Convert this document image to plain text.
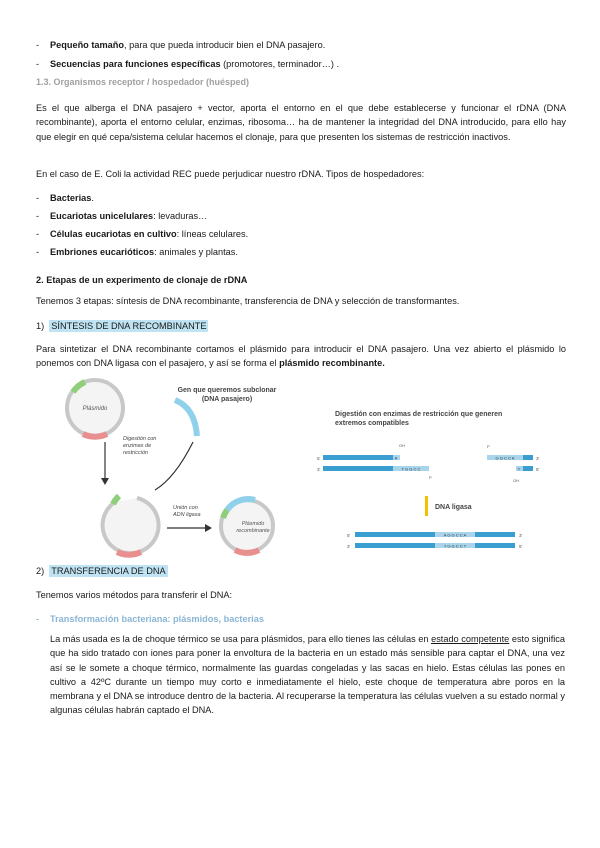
- Pequeño tamaño, para que pueda introducir bien el DNA pasajero.
- Secuencias para funciones específicas (promotores, terminador…) .
1.3. Organismos receptor / hospedador (huésped)

Es el que alberga el DNA pasajero + vector, aporta el entorno en el que debe establecerse y funcionar el rDNA (DNA recombinante), aporta el entorno celular, enzimas, ribosoma… ha de mantener la integridad del DNA introducido, para ello hay que elegir en qué cepa/sistema celular hacemos el clonaje, para que presenten los sistemas de restricción inactivos.

En el caso de E. Coli la actividad REC puede perjudicar nuestro rDNA. Tipos de hospedadores:

- Bacterias.
- Eucariotas unicelulares: levaduras…
- Células eucariotas en cultivo: líneas celulares.
- Embriones eucarióticos: animales y plantas.
2. Etapas de un experimento de clonaje de rDNA

Tenemos 3 etapas: síntesis de DNA recombinante, transferencia de DNA y selección de transformantes.

1) SÍNTESIS DE DNA RECOMBINANTE

Para sintetizar el DNA recombinante cortamos el plásmido para introducir el DNA pasajero. Una vez abierto el plásmido lo ponemos con DNA ligasa con el pasajero, y así se forma el plásmido recombinante.

Plásmido
Gen que queremos subclonar
(DNA pasajero)
Digestión con
enzimas de
restricción
Unión con
ADN ligasa
Plásmido
recombinante
Digestión con enzimas de restricción que generen
extremos compatibles
5'
3'
A
T G G C C
OH
P
P
G G C C A
T
3'
5'
OH
DNA ligasa
5'
3'
A G G C C A
T G G C C T
3'
5'
2) TRANSFERENCIA DE DNA

Tenemos varios métodos para transferir el DNA:

- Transformación bacteriana: plásmidos, bacterias

La más usada es la de choque térmico se usa para plásmidos, para ello tienes las células en estado competente esto significa que ha sido tratado con iones para poner la envoltura de la bacteria en un estado más sensible para captar el DNA, una vez así se le somete a choque térmico, normalmente las guardas congeladas y las sacas en hielo. Estas células las pones en cultivo a 42ºC durante un tiempo muy corto e inmediatamente el hielo, este choque de temperatura abre poros en la membrana y el DNA se introduce dentro de la bacteria. Al recuperarse la temperatura las células vuelven a su estado normal y algunas células habrán captado el DNA.
